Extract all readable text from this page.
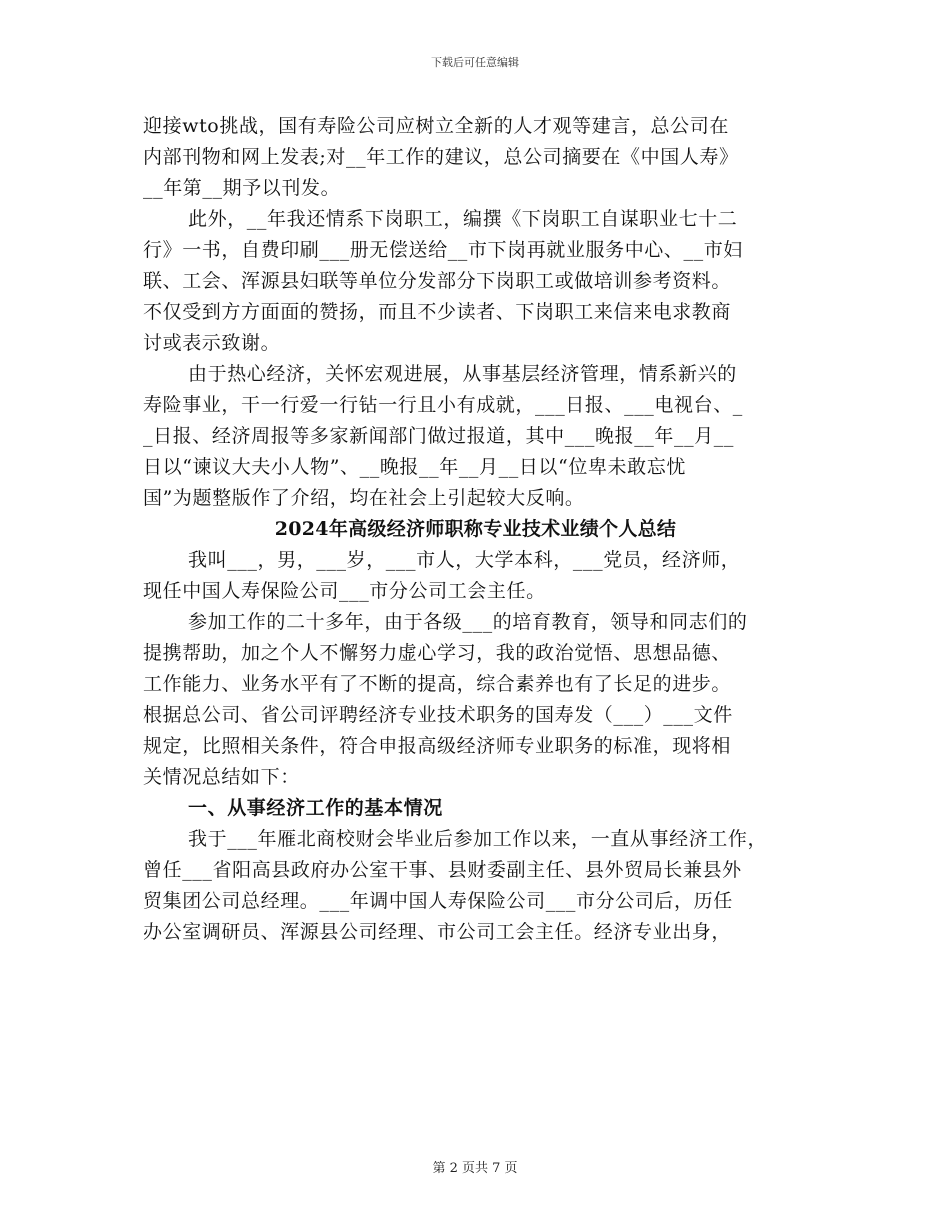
下载后可任意编辑
迎接wto挑战，国有寿险公司应树立全新的人才观等建言，总公司在
内部刊物和网上发表;对__年工作的建议，总公司摘要在《中国人寿》
__年第__期予以刊发。
此外，__年我还情系下岗职工，编撰《下岗职工自谋职业七十二
行》一书，自费印刷___册无偿送给__市下岗再就业服务中心、__市妇
联、工会、浑源县妇联等单位分发部分下岗职工或做培训参考资料。
不仅受到方方面面的赞扬，而且不少读者、下岗职工来信来电求教商
讨或表示致谢。
由于热心经济，关怀宏观进展，从事基层经济管理，情系新兴的
寿险事业，干一行爱一行钻一行且小有成就，___日报、___电视台、_
_日报、经济周报等多家新闻部门做过报道，其中___晚报__年__月__
日以“谏议大夫小人物”、__晚报__年__月__日以“位卑未敢忘忧
国”为题整版作了介绍，均在社会上引起较大反响。
2024年高级经济师职称专业技术业绩个人总结
我叫___，男，___岁，___市人，大学本科，___党员，经济师，
现任中国人寿保险公司___市分公司工会主任。
参加工作的二十多年，由于各级___的培育教育，领导和同志们的
提携帮助，加之个人不懈努力虚心学习，我的政治觉悟、思想品德、
工作能力、业务水平有了不断的提高，综合素养也有了长足的进步。
根据总公司、省公司评聘经济专业技术职务的国寿发（___）___文件
规定，比照相关条件，符合申报高级经济师专业职务的标准，现将相
关情况总结如下：
一、从事经济工作的基本情况
我于___年雁北商校财会毕业后参加工作以来，一直从事经济工作，
曾任___省阳高县政府办公室干事、县财委副主任、县外贸局长兼县外
贸集团公司总经理。___年调中国人寿保险公司___市分公司后，历任
办公室调研员、浑源县公司经理、市公司工会主任。经济专业出身，
第 2 页共 7 页
